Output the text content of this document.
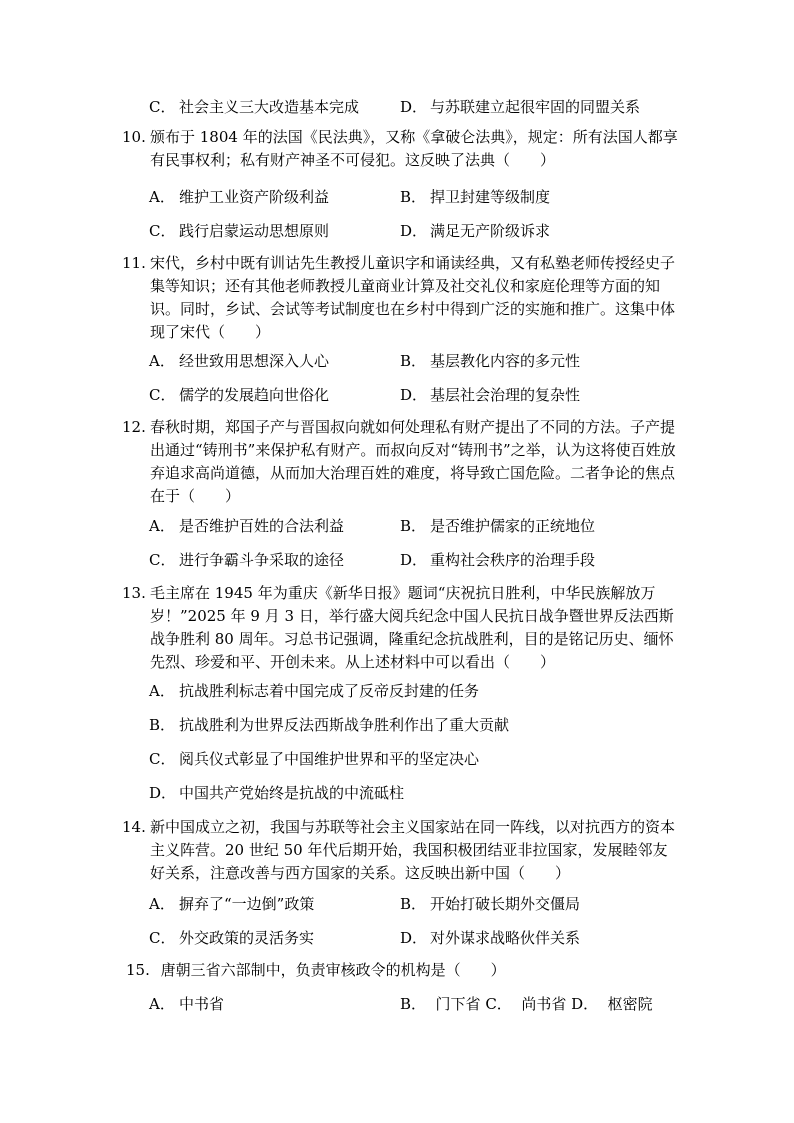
C． 社会主义三大改造基本完成	D． 与苏联建立起很牢固的同盟关系
10. 颁布于 1804 年的法国《民法典》，又称《拿破仑法典》，规定：所有法国人都享有民事权利；私有财产神圣不可侵犯。这反映了法典（　　）
A． 维护工业资产阶级利益	B． 捍卫封建等级制度
C． 践行启蒙运动思想原则	D． 满足无产阶级诉求
11. 宋代，乡村中既有训诂先生教授儿童识字和诵读经典，又有私塾老师传授经史子集等知识；还有其他老师教授儿童商业计算及社交礼仪和家庭伦理等方面的知识。同时，乡试、会试等考试制度也在乡村中得到广泛的实施和推广。这集中体现了宋代（　　）
A． 经世致用思想深入人心	B． 基层教化内容的多元性
C． 儒学的发展趋向世俗化	D． 基层社会治理的复杂性
12. 春秋时期，郑国子产与晋国叔向就如何处理私有财产提出了不同的方法。子产提出通过“铸刑书”来保护私有财产。而叔向反对“铸刑书”之举，认为这将使百姓放弃追求高尚道德，从而加大治理百姓的难度，将导致亡国危险。二者争论的焦点在于（　　）
A． 是否维护百姓的合法利益	B． 是否维护儒家的正统地位
C． 进行争霸斗争采取的途径	D． 重构社会秩序的治理手段
13. 毛主席在 1945 年为重庆《新华日报》题词“庆祝抗日胜利，中华民族解放万岁！”2025 年 9 月 3 日，举行盛大阅兵纪念中国人民抗日战争暨世界反法西斯战争胜利 80 周年。习总书记强调，隆重纪念抗战胜利，目的是铭记历史、缅怀先烈、珍爱和平、开创未来。从上述材料中可以看出（　　）
A． 抗战胜利标志着中国完成了反帝反封建的任务
B． 抗战胜利为世界反法西斯战争胜利作出了重大贡献
C． 阅兵仪式彰显了中国维护世界和平的坚定决心
D． 中国共产党始终是抗战的中流砥柱
14. 新中国成立之初，我国与苏联等社会主义国家站在同一阵线，以对抗西方的资本主义阵营。20 世纪 50 年代后期开始，我国积极团结亚非拉国家，发展睦邻友好关系，注意改善与西方国家的关系。这反映出新中国（　　）
A． 摒弃了“一边倒”政策	B． 开始打破长期外交僵局
C． 外交政策的灵活务实	D． 对外谋求战略伙伴关系
15. 唐朝三省六部制中，负责审核政令的机构是（　　）
A． 中书省	B．  门下省 C．  尚书省 D．  枢密院
